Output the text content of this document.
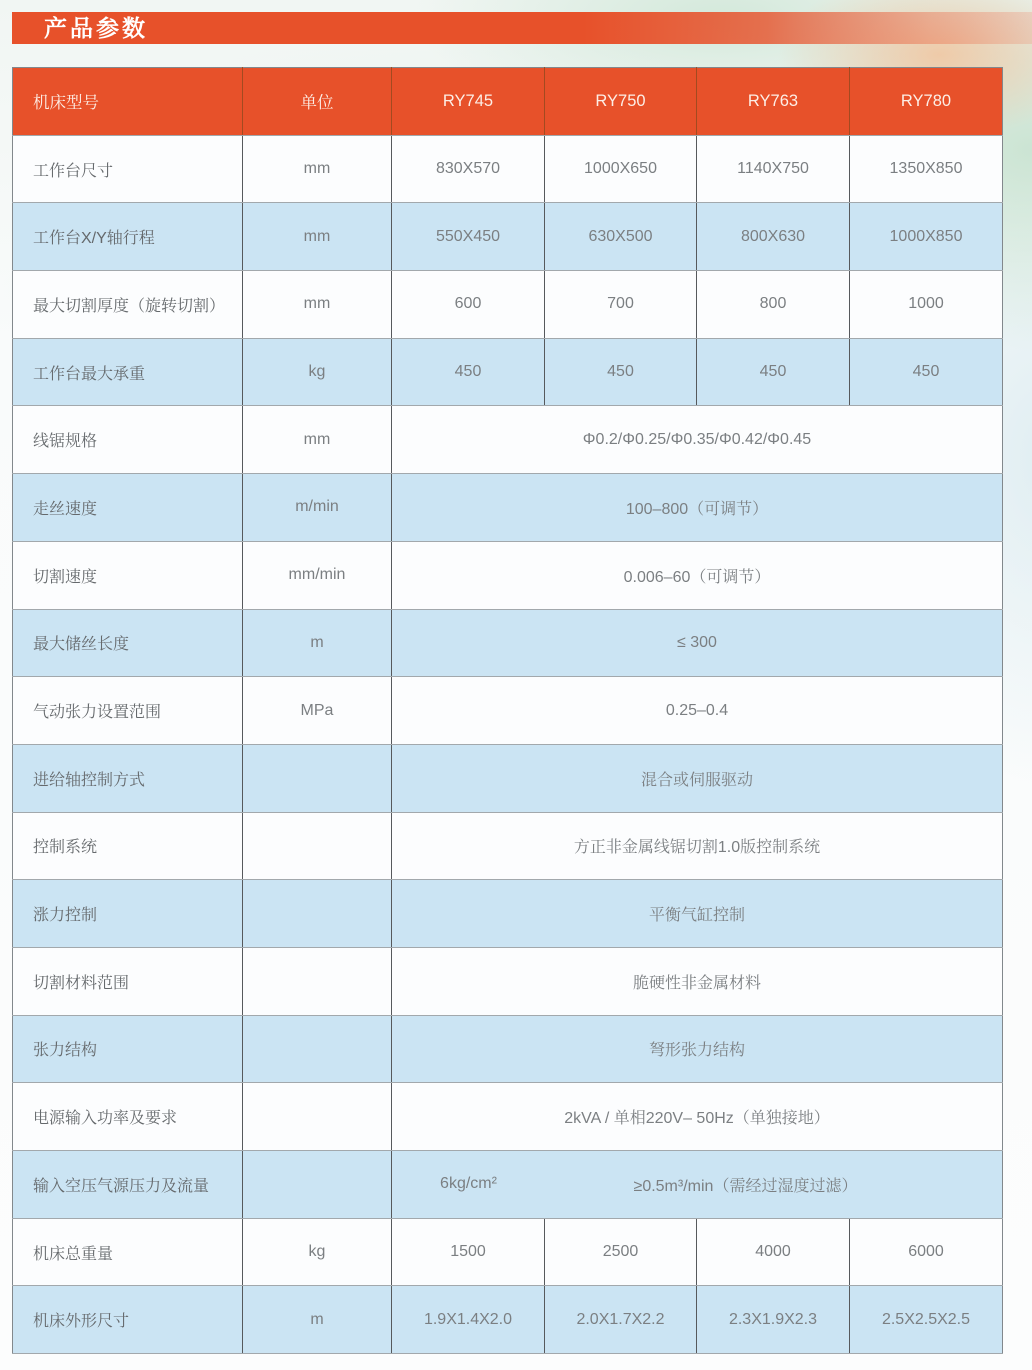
产品参数
机床型号	单位	RY745	RY750	RY763	RY780
工作台尺寸	mm	830X570	1000X650	1140X750	1350X850
工作台X/Y轴行程	mm	550X450	630X500	800X630	1000X850
最大切割厚度（旋转切割）	mm	600	700	800	1000
工作台最大承重	kg	450	450	450	450
线锯规格	mm	Φ0.2/Φ0.25/Φ0.35/Φ0.42/Φ0.45			
走丝速度	m/min	100–800（可调节）			
切割速度	mm/min	0.006–60（可调节）			
最大储丝长度	m	≤ 300			
气动张力设置范围	MPa	0.25–0.4			
进给轴控制方式		混合或伺服驱动			
控制系统		方正非金属线锯切割1.0版控制系统			
涨力控制		平衡气缸控制			
切割材料范围		脆硬性非金属材料			
张力结构		弩形张力结构			
电源输入功率及要求		2kVA / 单相220V– 50Hz（单独接地）			
输入空压气源压力及流量		6kg/cm² ≥0.5m³/min（需经过湿度过滤）			

机床总重量	kg	1500	2500	4000	6000
机床外形尺寸	m	1.9X1.4X2.0	2.0X1.7X2.2	2.3X1.9X2.3	2.5X2.5X2.5
